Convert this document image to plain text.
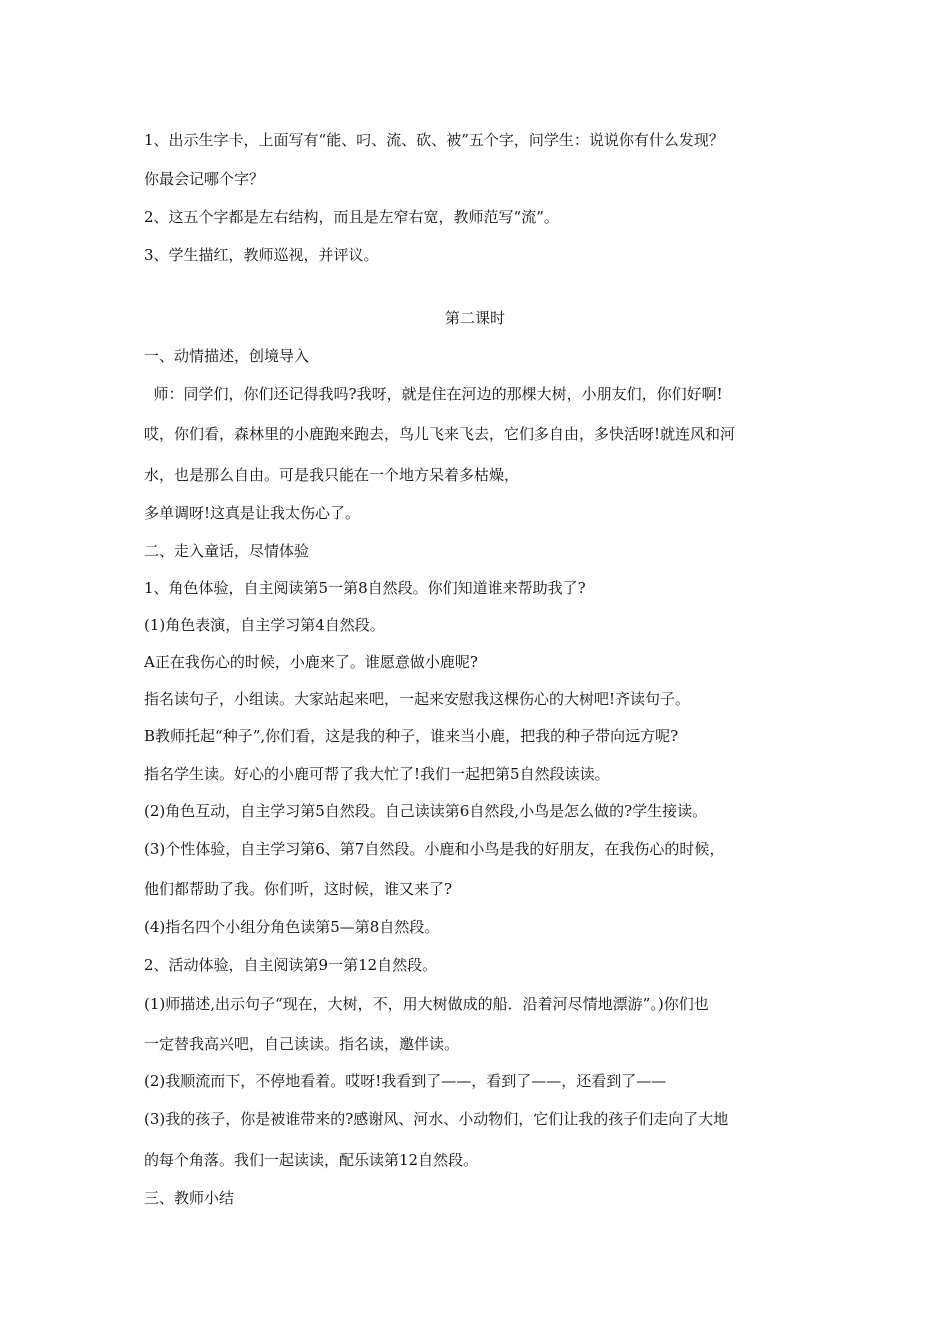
1、出示生字卡，上面写有“能、叼、流、砍、被”五个字，问学生：说说你有什么发现？
你最会记哪个字？
2、这五个字都是左右结构，而且是左窄右宽，教师范写“流”。
3、学生描红，教师巡视，并评议。
第二课时
一、动情描述，创境导入
师：同学们，你们还记得我吗?我呀，就是住在河边的那棵大树，小朋友们，你们好啊!
哎，你们看，森林里的小鹿跑来跑去，鸟儿飞来飞去，它们多自由，多快活呀!就连风和河
水，也是那么自由。可是我只能在一个地方呆着多枯燥，
多单调呀!这真是让我太伤心了。
二、走入童话，尽情体验
1、角色体验，自主阅读第5一第8自然段。你们知道谁来帮助我了?
(1)角色表演，自主学习第4自然段。
A正在我伤心的时候，小鹿来了。谁愿意做小鹿呢?
指名读句子，小组读。大家站起来吧，一起来安慰我这棵伤心的大树吧!齐读句子。
B教师托起“种子”,你们看，这是我的种子，谁来当小鹿，把我的种子带向远方呢?
指名学生读。好心的小鹿可帮了我大忙了!我们一起把第5自然段读读。
(2)角色互动，自主学习第5自然段。自己读读第6自然段,小鸟是怎么做的?学生接读。
(3)个性体验，自主学习第6、第7自然段。小鹿和小鸟是我的好朋友，在我伤心的时候，
他们都帮助了我。你们听，这时候，谁又来了?
(4)指名四个小组分角色读第5—第8自然段。
2、活动体验，自主阅读第9一第12自然段。
(1)师描述,出示句子“现在，大树，不，用大树做成的船．沿着河尽情地漂游”。)你们也
一定替我高兴吧，自己读读。指名读，邀伴读。
(2)我顺流而下，不停地看着。哎呀!我看到了——，看到了——，还看到了——
(3)我的孩子，你是被谁带来的?感谢风、河水、小动物们，它们让我的孩子们走向了大地
的每个角落。我们一起读读，配乐读第12自然段。
三、教师小结
